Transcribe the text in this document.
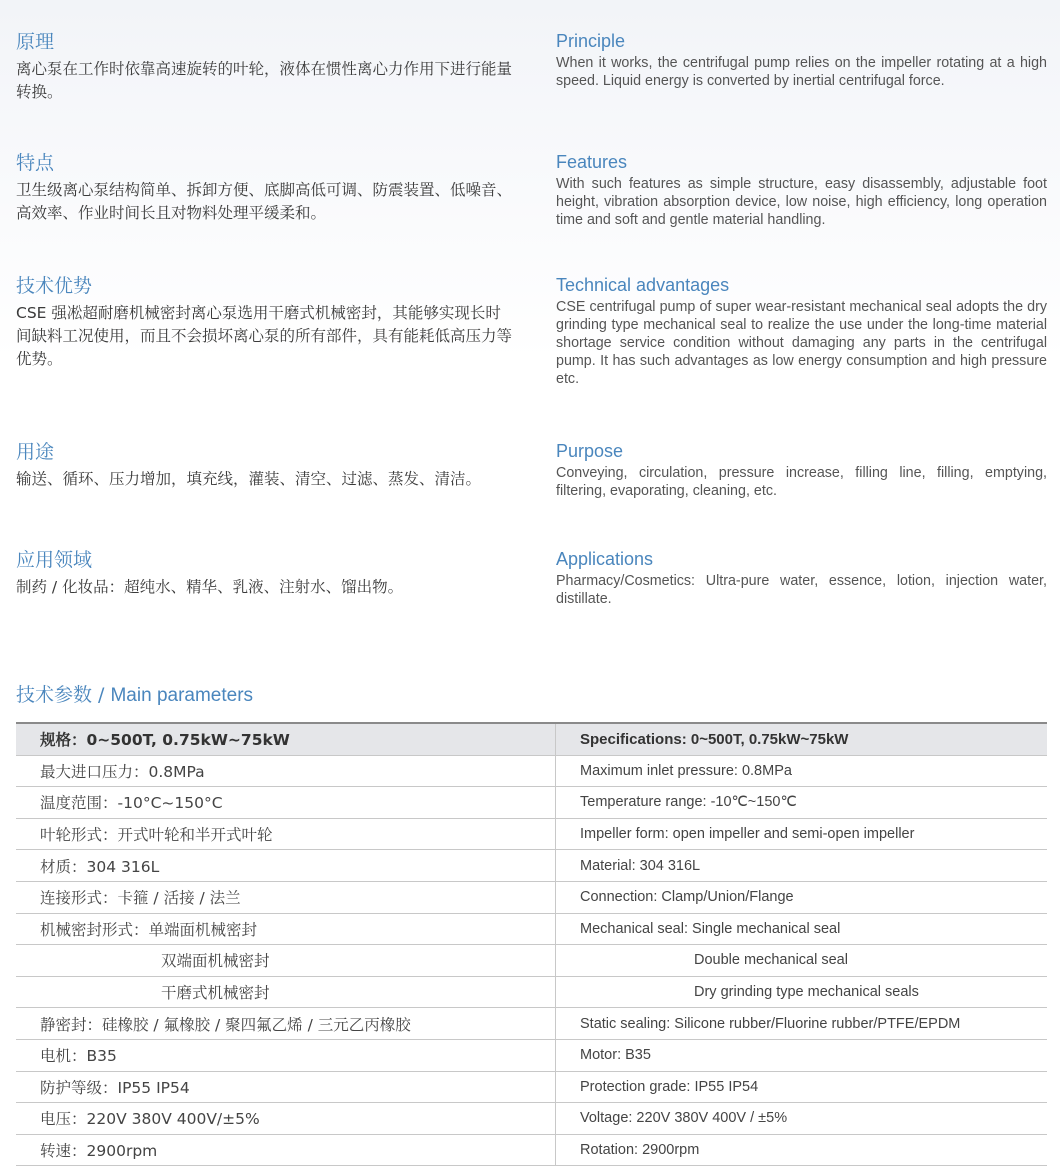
原理

离心泵在工作时依靠高速旋转的叶轮，液体在惯性离心力作用下进行能量转换。

Principle

When it works, the centrifugal pump relies on the impeller rotating at a high speed. Liquid energy is converted by inertial centrifugal force.

特点

卫生级离心泵结构简单、拆卸方便、底脚高低可调、防震装置、低噪音、高效率、作业时间长且对物料处理平缓柔和。

Features

With such features as simple structure, easy disassembly, adjustable foot height, vibration absorption device, low noise, high efficiency, long operation time and soft and gentle material handling.

技术优势

CSE 强凇超耐磨机械密封离心泵选用干磨式机械密封，其能够实现长时间缺料工况使用，而且不会损坏离心泵的所有部件，具有能耗低高压力等优势。

Technical advantages

CSE centrifugal pump of super wear-resistant mechanical seal adopts the dry grinding type mechanical seal to realize the use under the long-time material shortage service condition without damaging any parts in the centrifugal pump. It has such advantages as low energy consumption and high pressure etc.

用途

输送、循环、压力增加，填充线，灌装、清空、过滤、蒸发、清洁。

Purpose

Conveying, circulation, pressure increase, filling line, filling, emptying, filtering, evaporating, cleaning, etc.

应用领域

制药 / 化妆品：超纯水、精华、乳液、注射水、馏出物。

Applications

Pharmacy/Cosmetics: Ultra-pure water, essence, lotion, injection water, distillate.

技术参数 / Main parameters
规格：0~500T, 0.75kW~75kW	Specifications: 0~500T, 0.75kW~75kW
最大进口压力：0.8MPa	Maximum inlet pressure: 0.8MPa
温度范围：-10°C~150°C	Temperature range: -10℃~150℃
叶轮形式：开式叶轮和半开式叶轮	Impeller form: open impeller and semi-open impeller
材质：304 316L	Material: 304 316L
连接形式：卡箍 / 活接 / 法兰	Connection: Clamp/Union/Flange
机械密封形式：单端面机械密封	Mechanical seal: Single mechanical seal
双端面机械密封	Double mechanical seal
干磨式机械密封	Dry grinding type mechanical seals
静密封：硅橡胶 / 氟橡胶 / 聚四氟乙烯 / 三元乙丙橡胶	Static sealing: Silicone rubber/Fluorine rubber/PTFE/EPDM
电机：B35	Motor: B35
防护等级：IP55 IP54	Protection grade: IP55 IP54
电压：220V 380V 400V/±5%	Voltage: 220V 380V 400V / ±5%
转速：2900rpm	Rotation: 2900rpm
